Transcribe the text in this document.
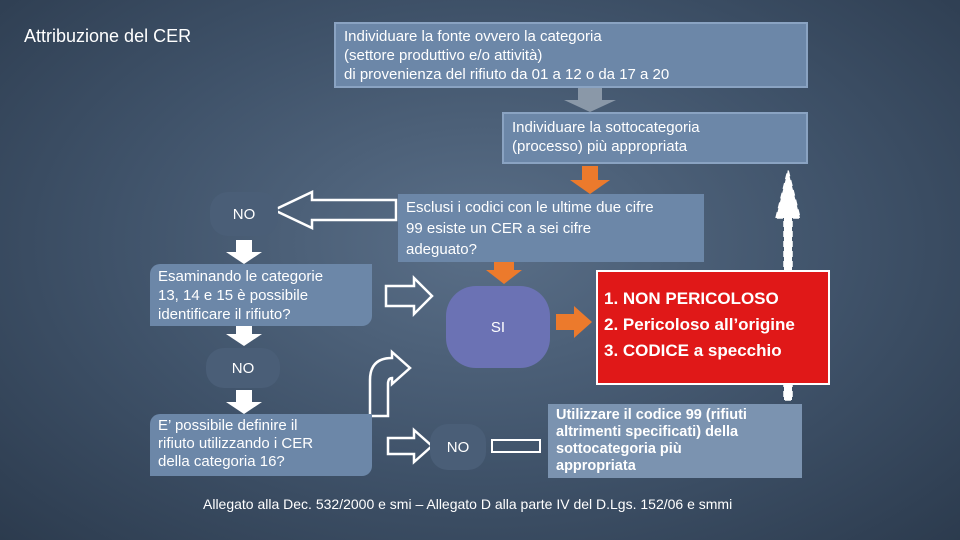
Attribuzione del CER	Individuare la fonte ovvero la categoria
(settore produttivo e/o attività)
di provenienza del rifiuto da 01 a 12 o da 17 a 20
Individuare la sottocategoria
(processo) più appropriata
Esclusi i codici con le ultime due cifre
99 esiste un CER a sei cifre
adeguato?
NO
Esaminando le categorie
13, 14 e 15 è possibile
identificare il rifiuto?
SI
1. NON PERICOLOSO
2. Pericoloso all’origine
3. CODICE a specchio
NO
E’ possibile definire il
rifiuto utilizzando i CER
della categoria 16?
NO
Utilizzare il codice 99 (rifiuti
altrimenti specificati) della
sottocategoria più
appropriata
Allegato alla Dec. 532/2000 e smi – Allegato D alla parte IV del D.Lgs. 152/06 e smmi
